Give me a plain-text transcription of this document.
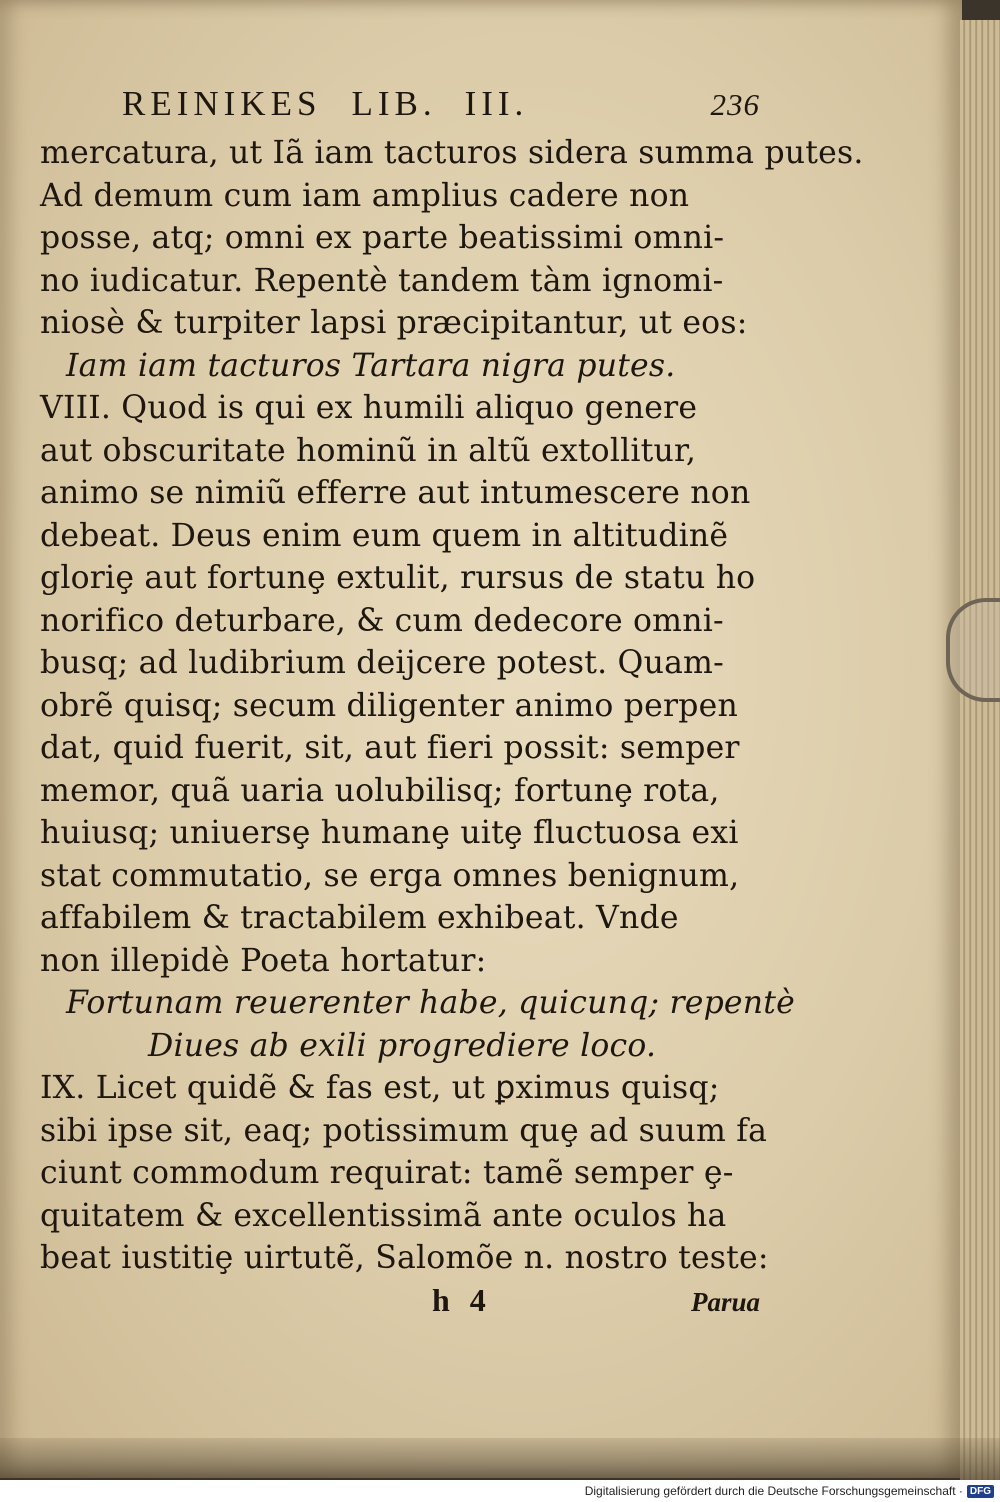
REINIKES LIB. III.	236
mercatura, ut Iã iam tacturos sidera summa putes.
Ad demum cum iam amplius cadere non
posse, atq; omni ex parte beatissimi omni-
no iudicatur. Repentè tandem tàm ignomi-
niosè & turpiter lapsi præcipitantur, ut eos:
Iam iam tacturos Tartara nigra putes.
VIII. Quod is qui ex humili aliquo genere
aut obscuritate hominũ in altũ extollitur,
animo se nimiũ efferre aut intumescere non
debeat. Deus enim eum quem in altitudinẽ
gloriȩ aut fortunȩ extulit, rursus de statu ho
norifico deturbare, & cum dedecore omni-
busq; ad ludibrium deijcere potest. Quam-
obrẽ quisq; secum diligenter animo perpen
dat, quid fuerit, sit, aut fieri possit: semper
memor, quã uaria uolubilisq; fortunȩ rota,
huiusq; uniuersȩ humanȩ uitȩ fluctuosa exi
stat commutatio, se erga omnes benignum,
affabilem & tractabilem exhibeat. Vnde
non illepidè Poeta hortatur:
Fortunam reuerenter habe, quicunq; repentè
Diues ab exili progrediere loco.
IX. Licet quidẽ & fas est, ut ꝑximus quisq;
sibi ipse sit, eaq; potissimum quȩ ad suum fa
ciunt commodum requirat: tamẽ semper ȩ-
quitatem & excellentissimã ante oculos ha
beat iustitiȩ uirtutẽ, Salomõe n. nostro teste:
h 4	Parua
Digitalisierung gefördert durch die Deutsche Forschungsgemeinschaft · DFG
